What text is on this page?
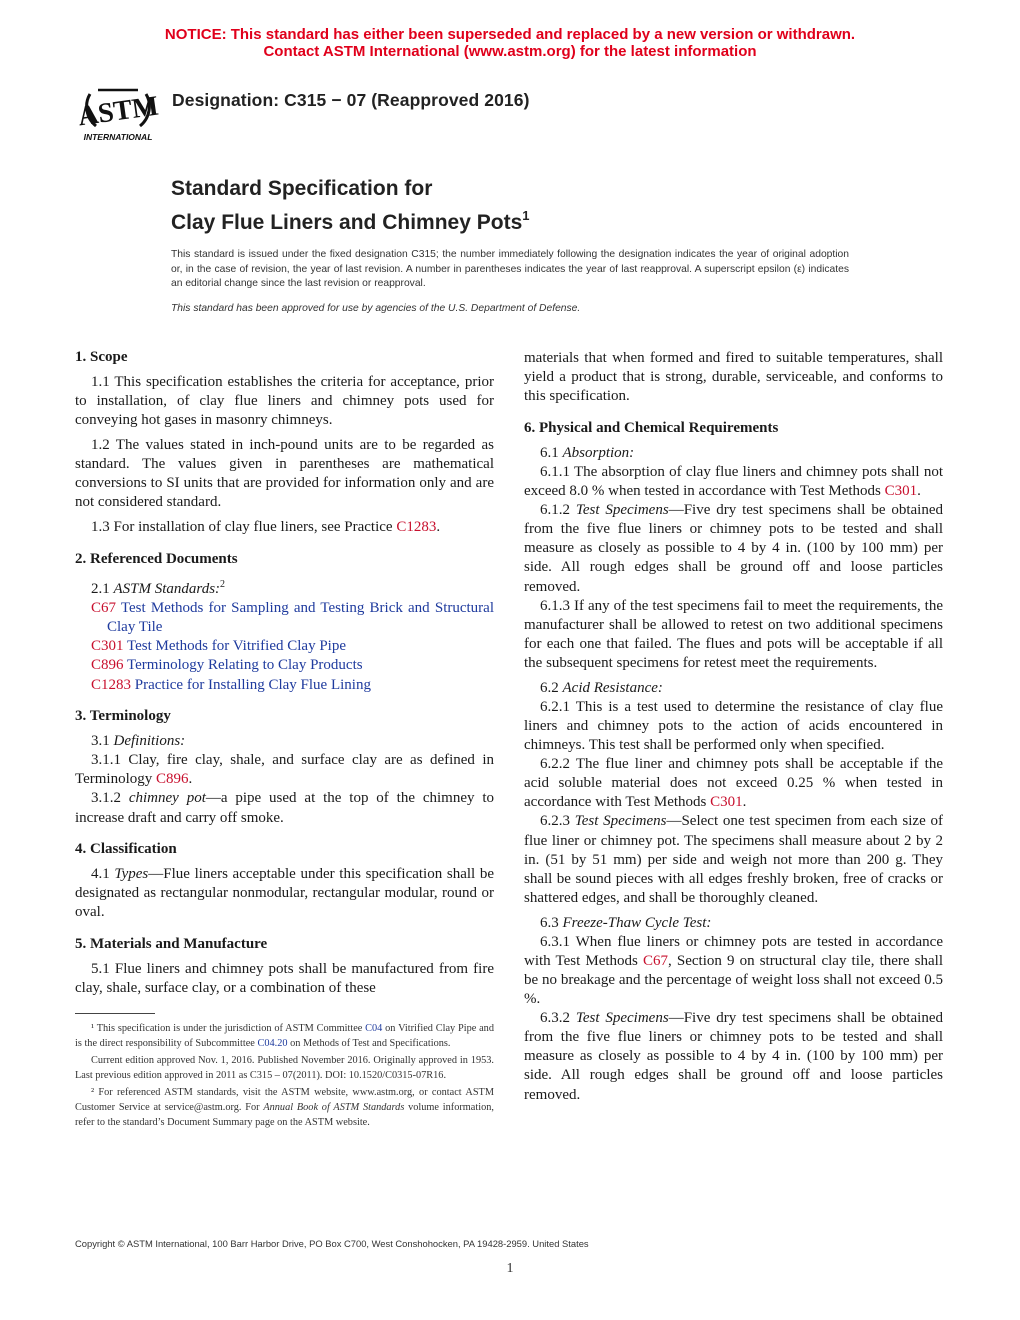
NOTICE: This standard has either been superseded and replaced by a new version or withdrawn.
Contact ASTM International (www.astm.org) for the latest information
ASTM
INTERNATIONAL
Designation: C315 − 07 (Reapproved 2016)
Standard Specification for
Clay Flue Liners and Chimney Pots$^1$
This standard is issued under the fixed designation C315; the number immediately following the designation indicates the year of original adoption or, in the case of revision, the year of last revision. A number in parentheses indicates the year of last reapproval. A superscript epsilon (ε) indicates an editorial change since the last revision or reapproval.
This standard has been approved for use by agencies of the U.S. Department of Defense.

1. Scope

1.1 This specification establishes the criteria for acceptance, prior to installation, of clay flue liners and chimney pots used for conveying hot gases in masonry chimneys.

1.2 The values stated in inch-pound units are to be regarded as standard. The values given in parentheses are mathematical conversions to SI units that are provided for information only and are not considered standard.

1.3 For installation of clay flue liners, see Practice C1283.

2. Referenced Documents

2.1 ASTM Standards:$^2$

C67 Test Methods for Sampling and Testing Brick and Structural Clay Tile

C301 Test Methods for Vitrified Clay Pipe

C896 Terminology Relating to Clay Products

C1283 Practice for Installing Clay Flue Lining

3. Terminology

3.1 Definitions:

3.1.1 Clay, fire clay, shale, and surface clay are as defined in Terminology C896.

3.1.2 chimney pot—a pipe used at the top of the chimney to increase draft and carry off smoke.

4. Classification

4.1 Types—Flue liners acceptable under this specification shall be designated as rectangular nonmodular, rectangular modular, round or oval.

5. Materials and Manufacture

5.1 Flue liners and chimney pots shall be manufactured from fire clay, shale, surface clay, or a combination of these

¹ This specification is under the jurisdiction of ASTM Committee C04 on Vitrified Clay Pipe and is the direct responsibility of Subcommittee C04.20 on Methods of Test and Specifications.

Current edition approved Nov. 1, 2016. Published November 2016. Originally approved in 1953. Last previous edition approved in 2011 as C315 – 07(2011). DOI: 10.1520/C0315-07R16.

² For referenced ASTM standards, visit the ASTM website, www.astm.org, or contact ASTM Customer Service at service@astm.org. For Annual Book of ASTM Standards volume information, refer to the standard’s Document Summary page on the ASTM website.

materials that when formed and fired to suitable temperatures, shall yield a product that is strong, durable, serviceable, and conforms to this specification.

6. Physical and Chemical Requirements

6.1 Absorption:

6.1.1 The absorption of clay flue liners and chimney pots shall not exceed 8.0 % when tested in accordance with Test Methods C301.

6.1.2 Test Specimens—Five dry test specimens shall be obtained from the five flue liners or chimney pots to be tested and shall measure as closely as possible to 4 by 4 in. (100 by 100 mm) per side. All rough edges shall be ground off and loose particles removed.

6.1.3 If any of the test specimens fail to meet the requirements, the manufacturer shall be allowed to retest on two additional specimens for each one that failed. The flues and pots will be acceptable if all the subsequent specimens for retest meet the requirements.

6.2 Acid Resistance:

6.2.1 This is a test used to determine the resistance of clay flue liners and chimney pots to the action of acids encountered in chimneys. This test shall be performed only when specified.

6.2.2 The flue liner and chimney pots shall be acceptable if the acid soluble material does not exceed 0.25 % when tested in accordance with Test Methods C301.

6.2.3 Test Specimens—Select one test specimen from each size of flue liner or chimney pot. The specimens shall measure about 2 by 2 in. (51 by 51 mm) per side and weigh not more than 200 g. They shall be sound pieces with all edges freshly broken, free of cracks or shattered edges, and shall be thoroughly cleaned.

6.3 Freeze-Thaw Cycle Test:

6.3.1 When flue liners or chimney pots are tested in accordance with Test Methods C67, Section 9 on structural clay tile, there shall be no breakage and the percentage of weight loss shall not exceed 0.5 %.

6.3.2 Test Specimens—Five dry test specimens shall be obtained from the five flue liners or chimney pots to be tested and shall measure as closely as possible to 4 by 4 in. (100 by 100 mm) per side. All rough edges shall be ground off and loose particles removed.

Copyright © ASTM International, 100 Barr Harbor Drive, PO Box C700, West Conshohocken, PA 19428-2959. United States
1
